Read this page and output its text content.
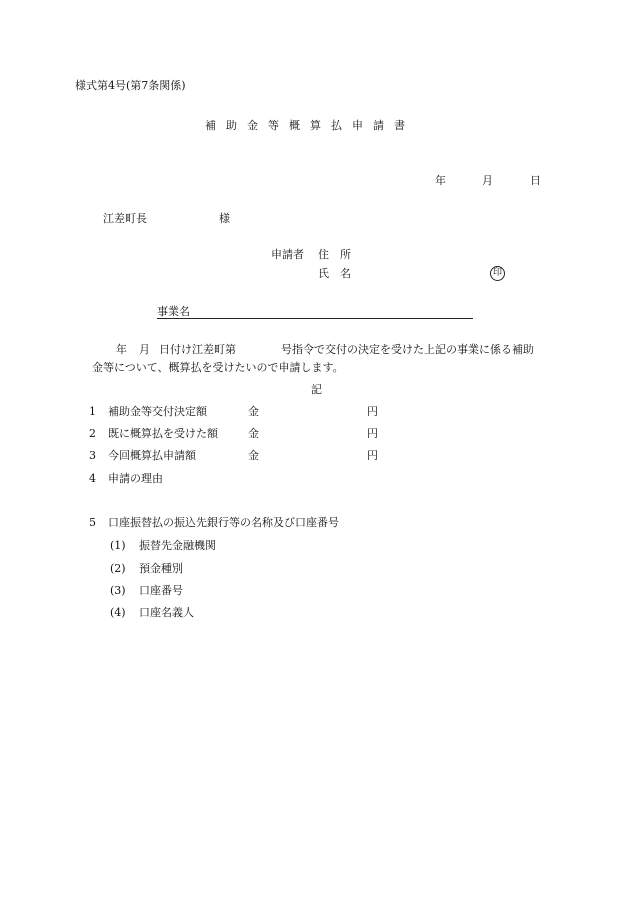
様式第4号(第7条関係)
補助金等概算払申請書
年	月	日
江差町長	様
申請者 住　所
氏　名	印
事業名
年 月 日付け江差町第	号指令で交付の決定を受けた上記の事業に係る補助
金等について、概算払を受けたいので申請します。
記
1 補助金等交付決定額	金	円
2 既に概算払を受けた額	金	円
3 今回概算払申請額	金	円
4 申請の理由
5 口座振替払の振込先銀行等の名称及び口座番号
(1) 振替先金融機関
(2) 預金種別
(3) 口座番号
(4) 口座名義人
